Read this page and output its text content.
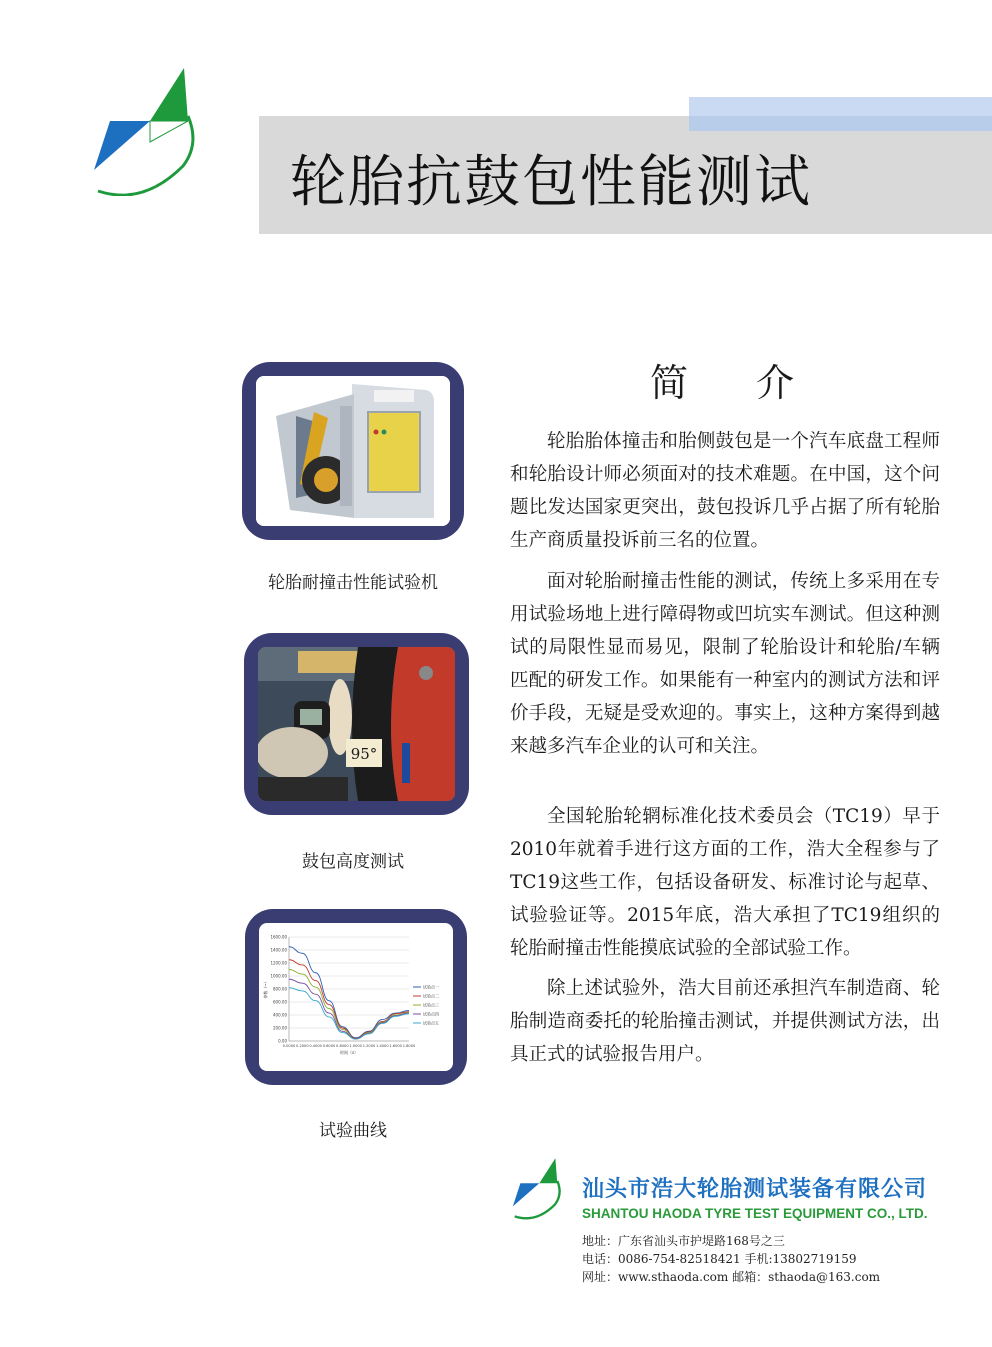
轮胎抗鼓包性能测试
轮胎耐撞击性能试验机
95°
鼓包高度测试
0.00
200.00
400.00
600.00
800.00
1000.00
1200.00
1400.00
1600.00
0.0000 0.2000 0.4000 0.6000 0.8000 1.0000 1.2000 1.4000 1.6000 1.8000
时间（s）
参数（~）	试验点一
试验点二
试验点三
试验点四
试验点五
试验曲线
简介

轮胎胎体撞击和胎侧鼓包是一个汽车底盘工程师和轮胎设计师必须面对的技术难题。在中国，这个问题比发达国家更突出，鼓包投诉几乎占据了所有轮胎生产商质量投诉前三名的位置。

面对轮胎耐撞击性能的测试，传统上多采用在专用试验场地上进行障碍物或凹坑实车测试。但这种测试的局限性显而易见，限制了轮胎设计和轮胎/车辆匹配的研发工作。如果能有一种室内的测试方法和评价手段，无疑是受欢迎的。事实上，这种方案得到越来越多汽车企业的认可和关注。

全国轮胎轮辋标准化技术委员会（TC19）早于2010年就着手进行这方面的工作，浩大全程参与了TC19这些工作，包括设备研发、标准讨论与起草、试验验证等。2015年底，浩大承担了TC19组织的轮胎耐撞击性能摸底试验的全部试验工作。

除上述试验外，浩大目前还承担汽车制造商、轮胎制造商委托的轮胎撞击测试，并提供测试方法，出具正式的试验报告用户。

汕头市浩大轮胎测试装备有限公司
SHANTOU HAODA TYRE TEST EQUIPMENT CO., LTD.
地址：广东省汕头市护堤路168号之三
电话：0086-754-82518421 手机:13802719159
网址：www.sthaoda.com 邮箱：sthaoda@163.com
